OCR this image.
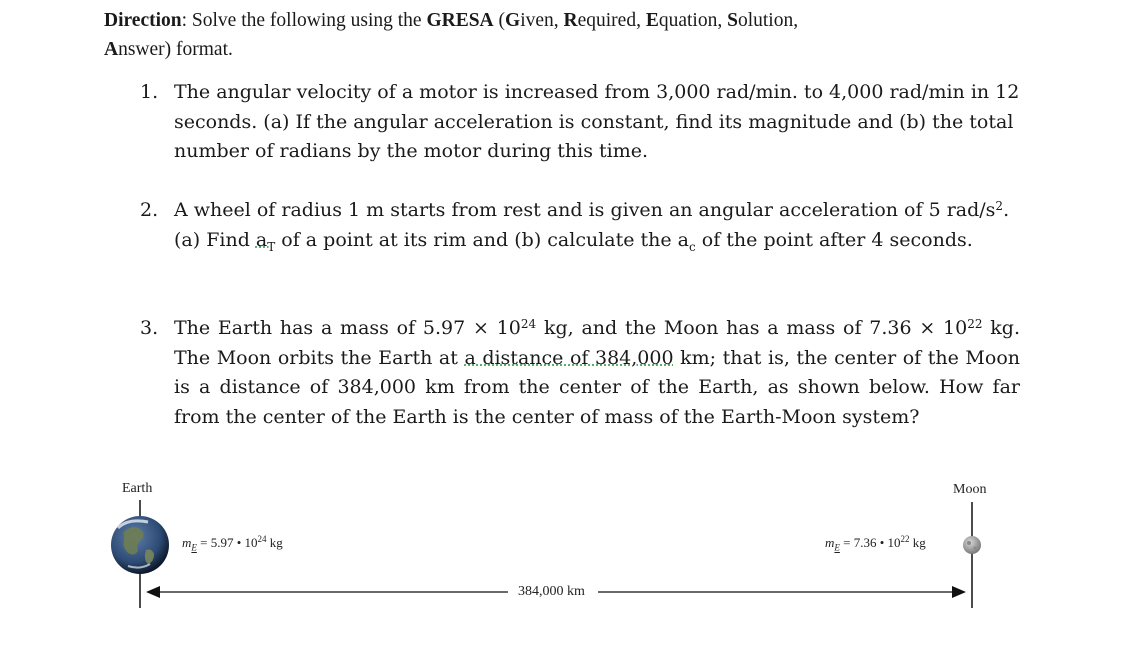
Direction: Solve the following using the GRESA (Given, Required, Equation, Solution,
Answer) format.
1. The angular velocity of a motor is increased from 3,000 rad/min. to 4,000 rad/min in 12 seconds. (a) If the angular acceleration is constant, find its magnitude and (b) the total number of radians by the motor during this time.
2. A wheel of radius 1 m starts from rest and is given an angular acceleration of 5 rad/$s^2$. (a) Find $a_T$ of a point at its rim and (b) calculate the $a_c$ of the point after 4 seconds.
3. The Earth has a mass of $5.97 \times 10^{24}$ kg, and the Moon has a mass of $7.36 \times 10^{22}$ kg. The Moon orbits the Earth at a distance of 384,000 km; that is, the center of the Moon is a distance of 384,000 km from the center of the Earth, as shown below. How far from the center of the Earth is the center of mass of the Earth-Moon system?
Earth	Moon
$m_E = 5.97$ • $10^{24}$ kg	$m_E = 7.36$ • $10^{22}$ kg
384,000 km
